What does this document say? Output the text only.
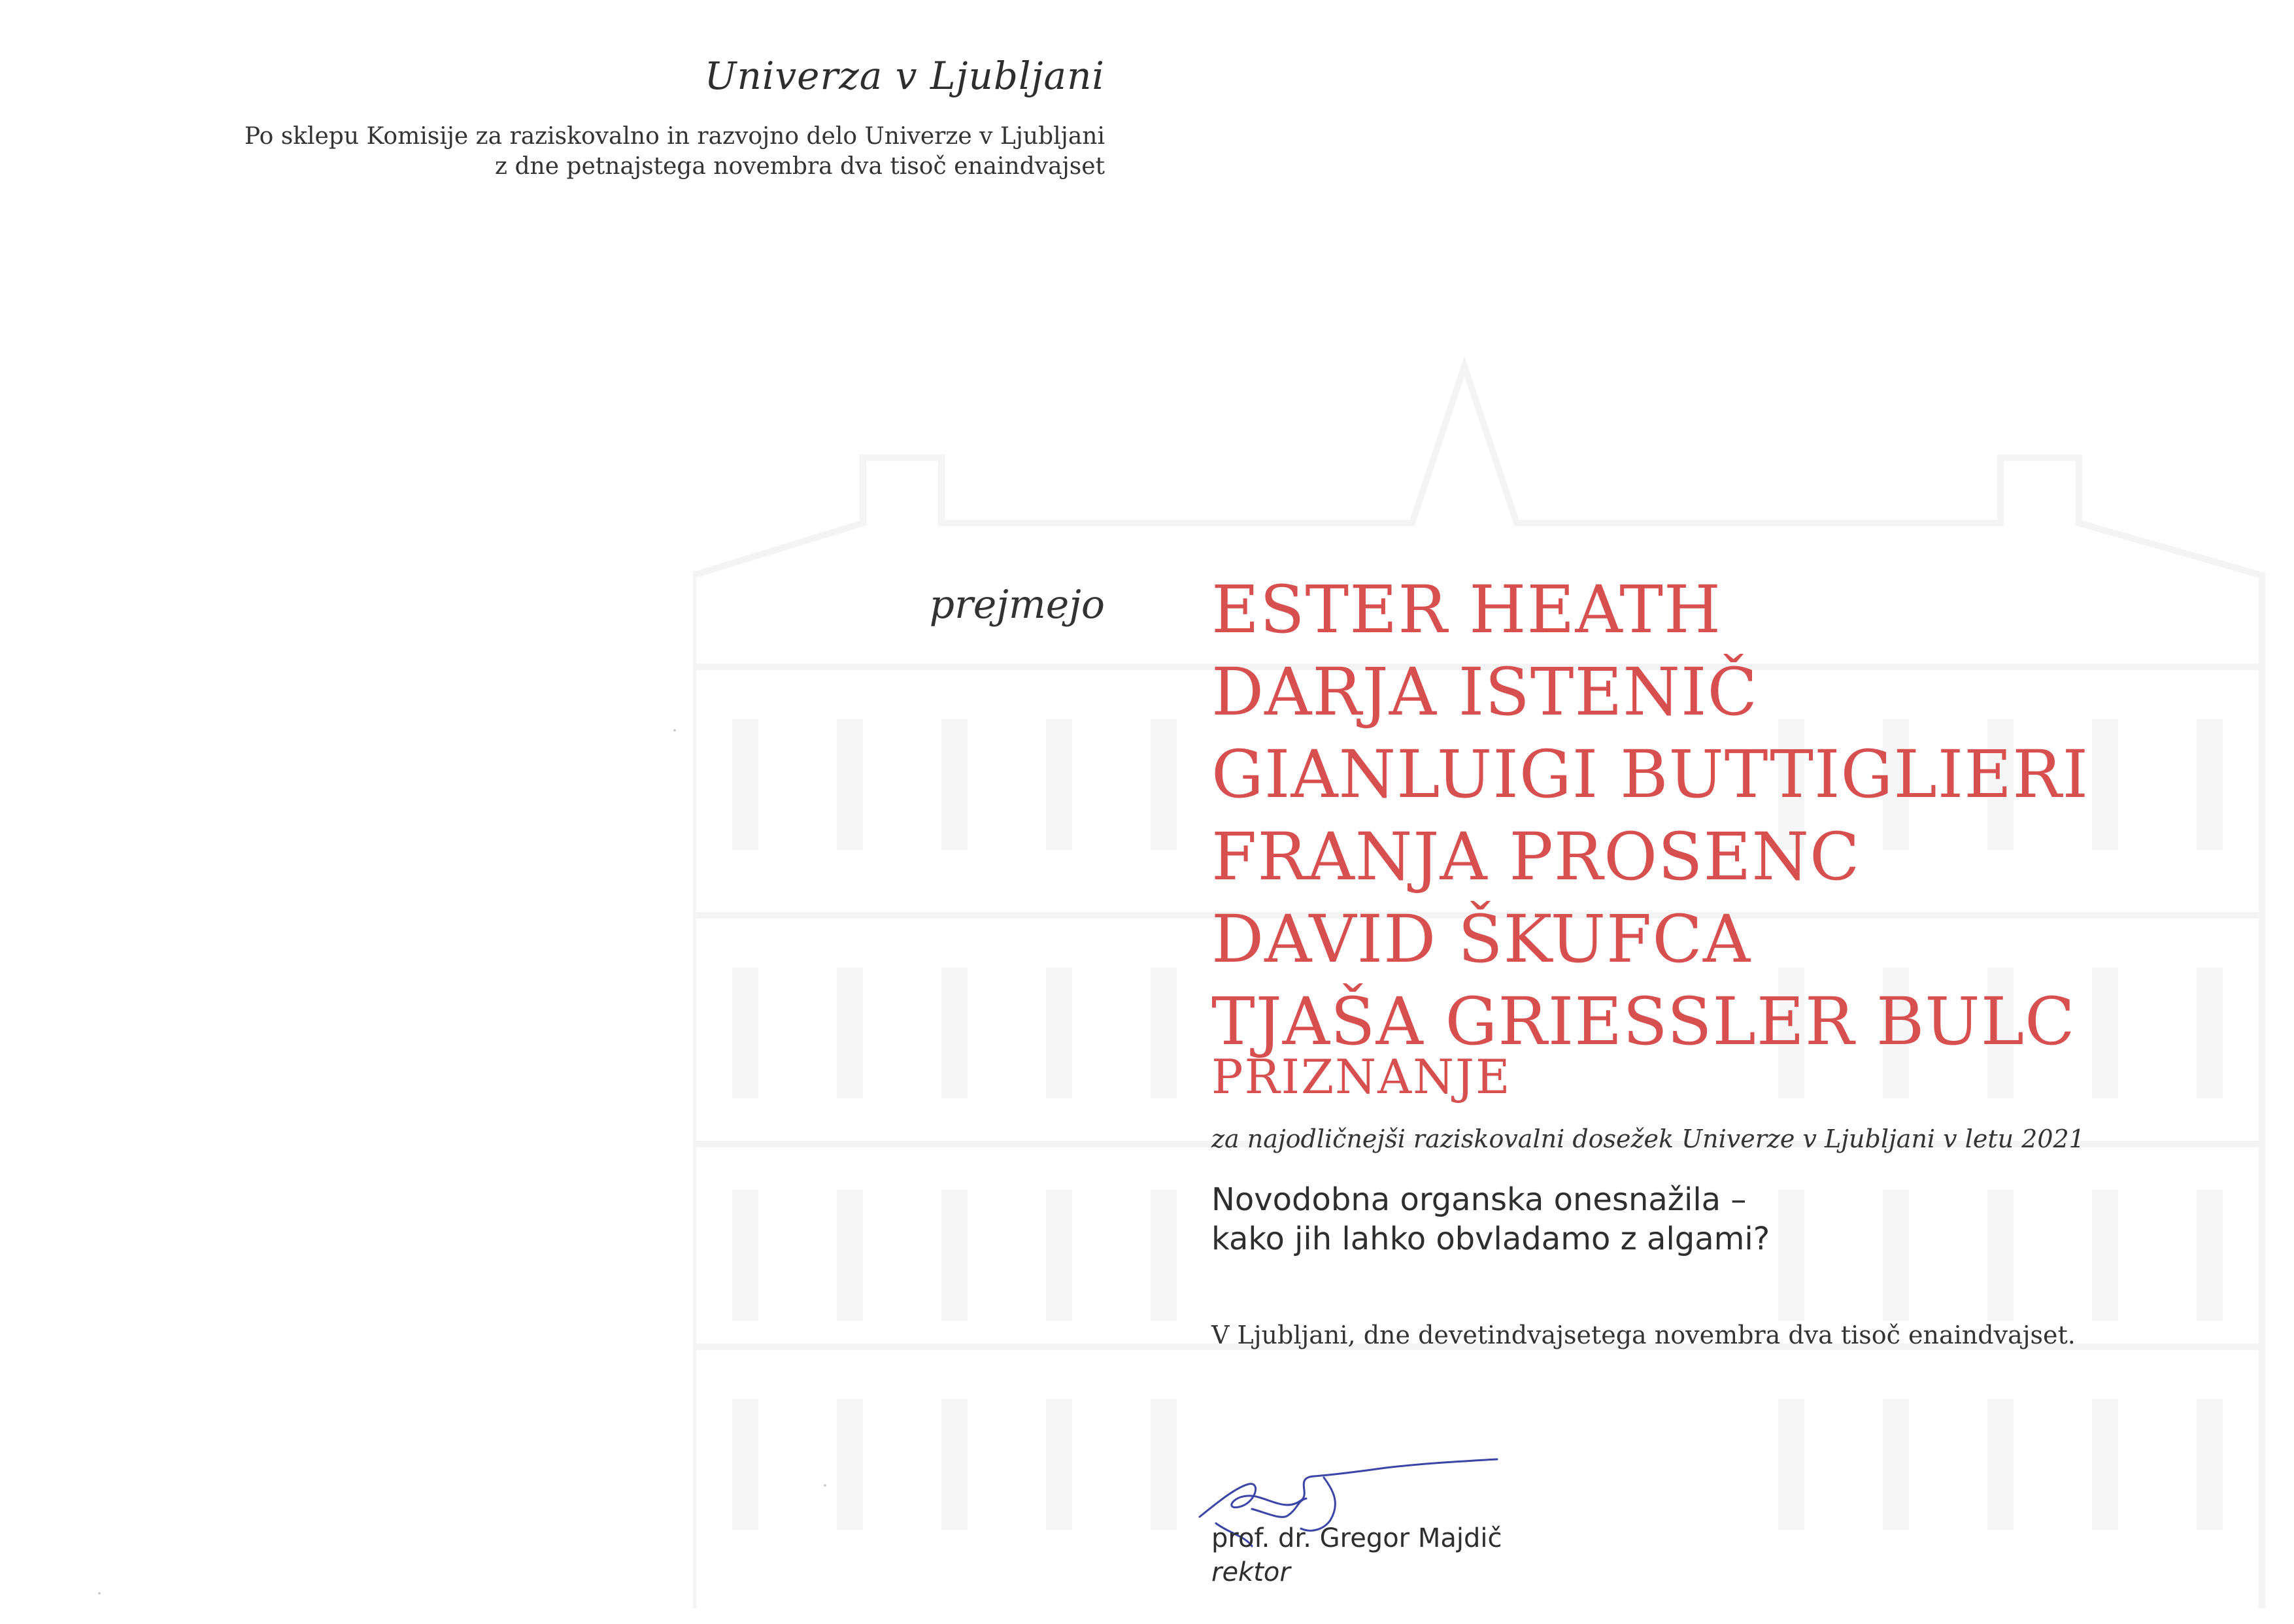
Univerza v Ljubljani

Po sklepu Komisije za raziskovalno in razvojno delo Univerze v Ljubljani

z dne petnajstega novembra dva tisoč enaindvajset

prejmejo ESTER HEATH
DARJA ISTENIČ
GIANLUIGI BUTTIGLIERI
FRANJA PROSENC
DAVID ŠKUFCA
TJAŠA GRIESSLER BULC
PRIZNANJE
za najodličnejši raziskovalni dosežek Univerze v Ljubljani v letu 2021
Novodobna organska onesnažila –
kako jih lahko obvladamo z algami?
V Ljubljani, dne devetindvajsetega novembra dva tisoč enaindvajset.
prof. dr. Gregor Majdič
rektor
